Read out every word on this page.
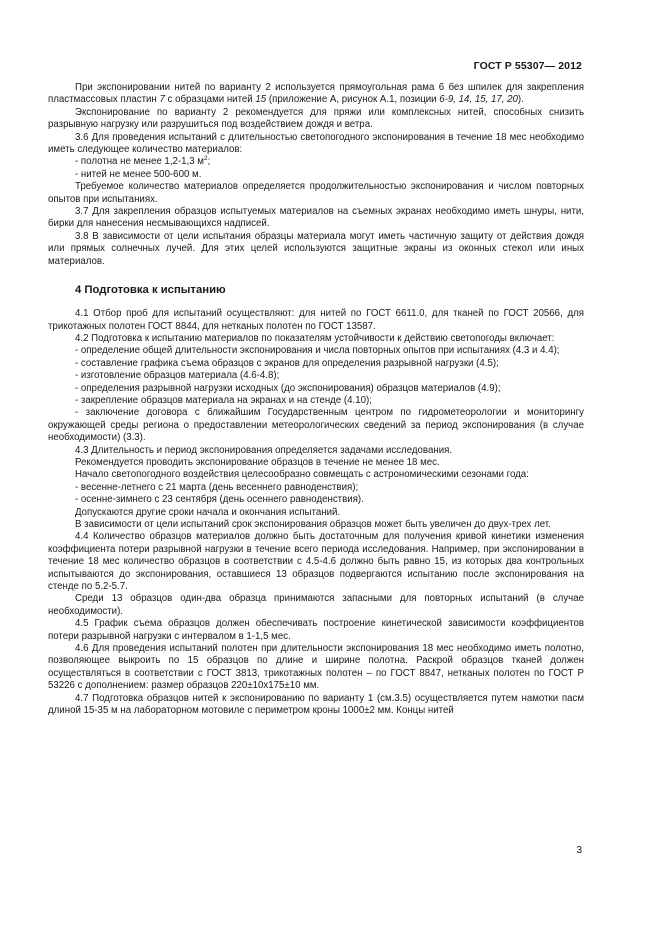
ГОСТ Р 55307— 2012

При экспонировании нитей по варианту 2 используется прямоугольная рама 6 без шпилек для закрепления пластмассовых пластин 7 с образцами нитей 15 (приложение А, рисунок А.1, позиции 6-9, 14, 15, 17, 20).

Экспонирование по варианту 2 рекомендуется для пряжи или комплексных нитей, способных снизить разрывную нагрузку или разрушиться под воздействием дождя и ветра.

3.6 Для проведения испытаний с длительностью светопогодного экспонирования в течение 18 мес необходимо иметь следующее количество материалов:

- полотна не менее 1,2-1,3 $м^2$;

- нитей не менее 500-600 м.

Требуемое количество материалов определяется продолжительностью экспонирования и числом повторных опытов при испытаниях.

3.7 Для закрепления образцов испытуемых материалов на съемных экранах необходимо иметь шнуры, нити, бирки для нанесения несмывающихся надписей.

3.8 В зависимости от цели испытания образцы материала могут иметь частичную защиту от действия дождя или прямых солнечных лучей. Для этих целей используются защитные экраны из оконных стекол или иных материалов.

4 Подготовка к испытанию

4.1 Отбор проб для испытаний осуществляют: для нитей по ГОСТ 6611.0, для тканей по ГОСТ 20566, для трикотажных полотен ГОСТ 8844, для нетканых полотен по ГОСТ 13587.

4.2 Подготовка к испытанию материалов по показателям устойчивости к действию светопогоды включает:

- определение общей длительности экспонирования и числа повторных опытов при испытаниях (4.3 и 4.4);

- составление графика съема образцов с экранов для определения разрывной нагрузки (4.5);

- изготовление образцов материала (4.6-4.8);

- определения разрывной нагрузки исходных (до экспонирования) образцов материалов (4.9);

- закрепление образцов материала на экранах и на стенде (4.10);

- заключение договора с ближайшим Государственным центром по гидрометеорологии и мониторингу окружающей среды региона о предоставлении метеорологических сведений за период экспонирования (в случае необходимости) (3.3).

4.3 Длительность и период экспонирования определяется задачами исследования.

Рекомендуется проводить экспонирование образцов в течение не менее 18 мес.

Начало светопогодного воздействия целесообразно совмещать с астрономическими сезонами года:

- весенне-летнего с 21 марта (день весеннего равноденствия);

- осенне-зимнего с 23 сентября (день осеннего равноденствия).

Допускаются другие сроки начала и окончания испытаний.

В зависимости от цели испытаний срок экспонирования образцов может быть увеличен до двух-трех лет.

4.4 Количество образцов материалов должно быть достаточным для получения кривой кинетики изменения коэффициента потери разрывной нагрузки в течение всего периода исследования. Например, при экспонировании в течение 18 мес количество образцов в соответствии с 4.5-4.6 должно быть равно 15, из которых два контрольных испытываются до экспонирования, оставшиеся 13 образцов подвергаются испытанию после экспонирования на стенде по 5.2-5.7.

Среди 13 образцов один-два образца принимаются запасными для повторных испытаний (в случае необходимости).

4.5 График съема образцов должен обеспечивать построение кинетической зависимости коэффициентов потери разрывной нагрузки с интервалом в 1-1,5 мес.

4.6 Для проведения испытаний полотен при длительности экспонирования 18 мес необходимо иметь полотно, позволяющее выкроить по 15 образцов по длине и ширине полотна. Раскрой образцов тканей должен осуществляться в соответствии с ГОСТ 3813, трикотажных полотен – по ГОСТ 8847, нетканых полотен по ГОСТ Р 53226 с дополнением: размер образцов 220±10х175±10 мм.

4.7 Подготовка образцов нитей к экспонированию по варианту 1 (см.3.5) осуществляется путем намотки пасм длиной 15-35 м на лабораторном мотовиле с периметром кроны 1000±2 мм. Концы нитей

3
